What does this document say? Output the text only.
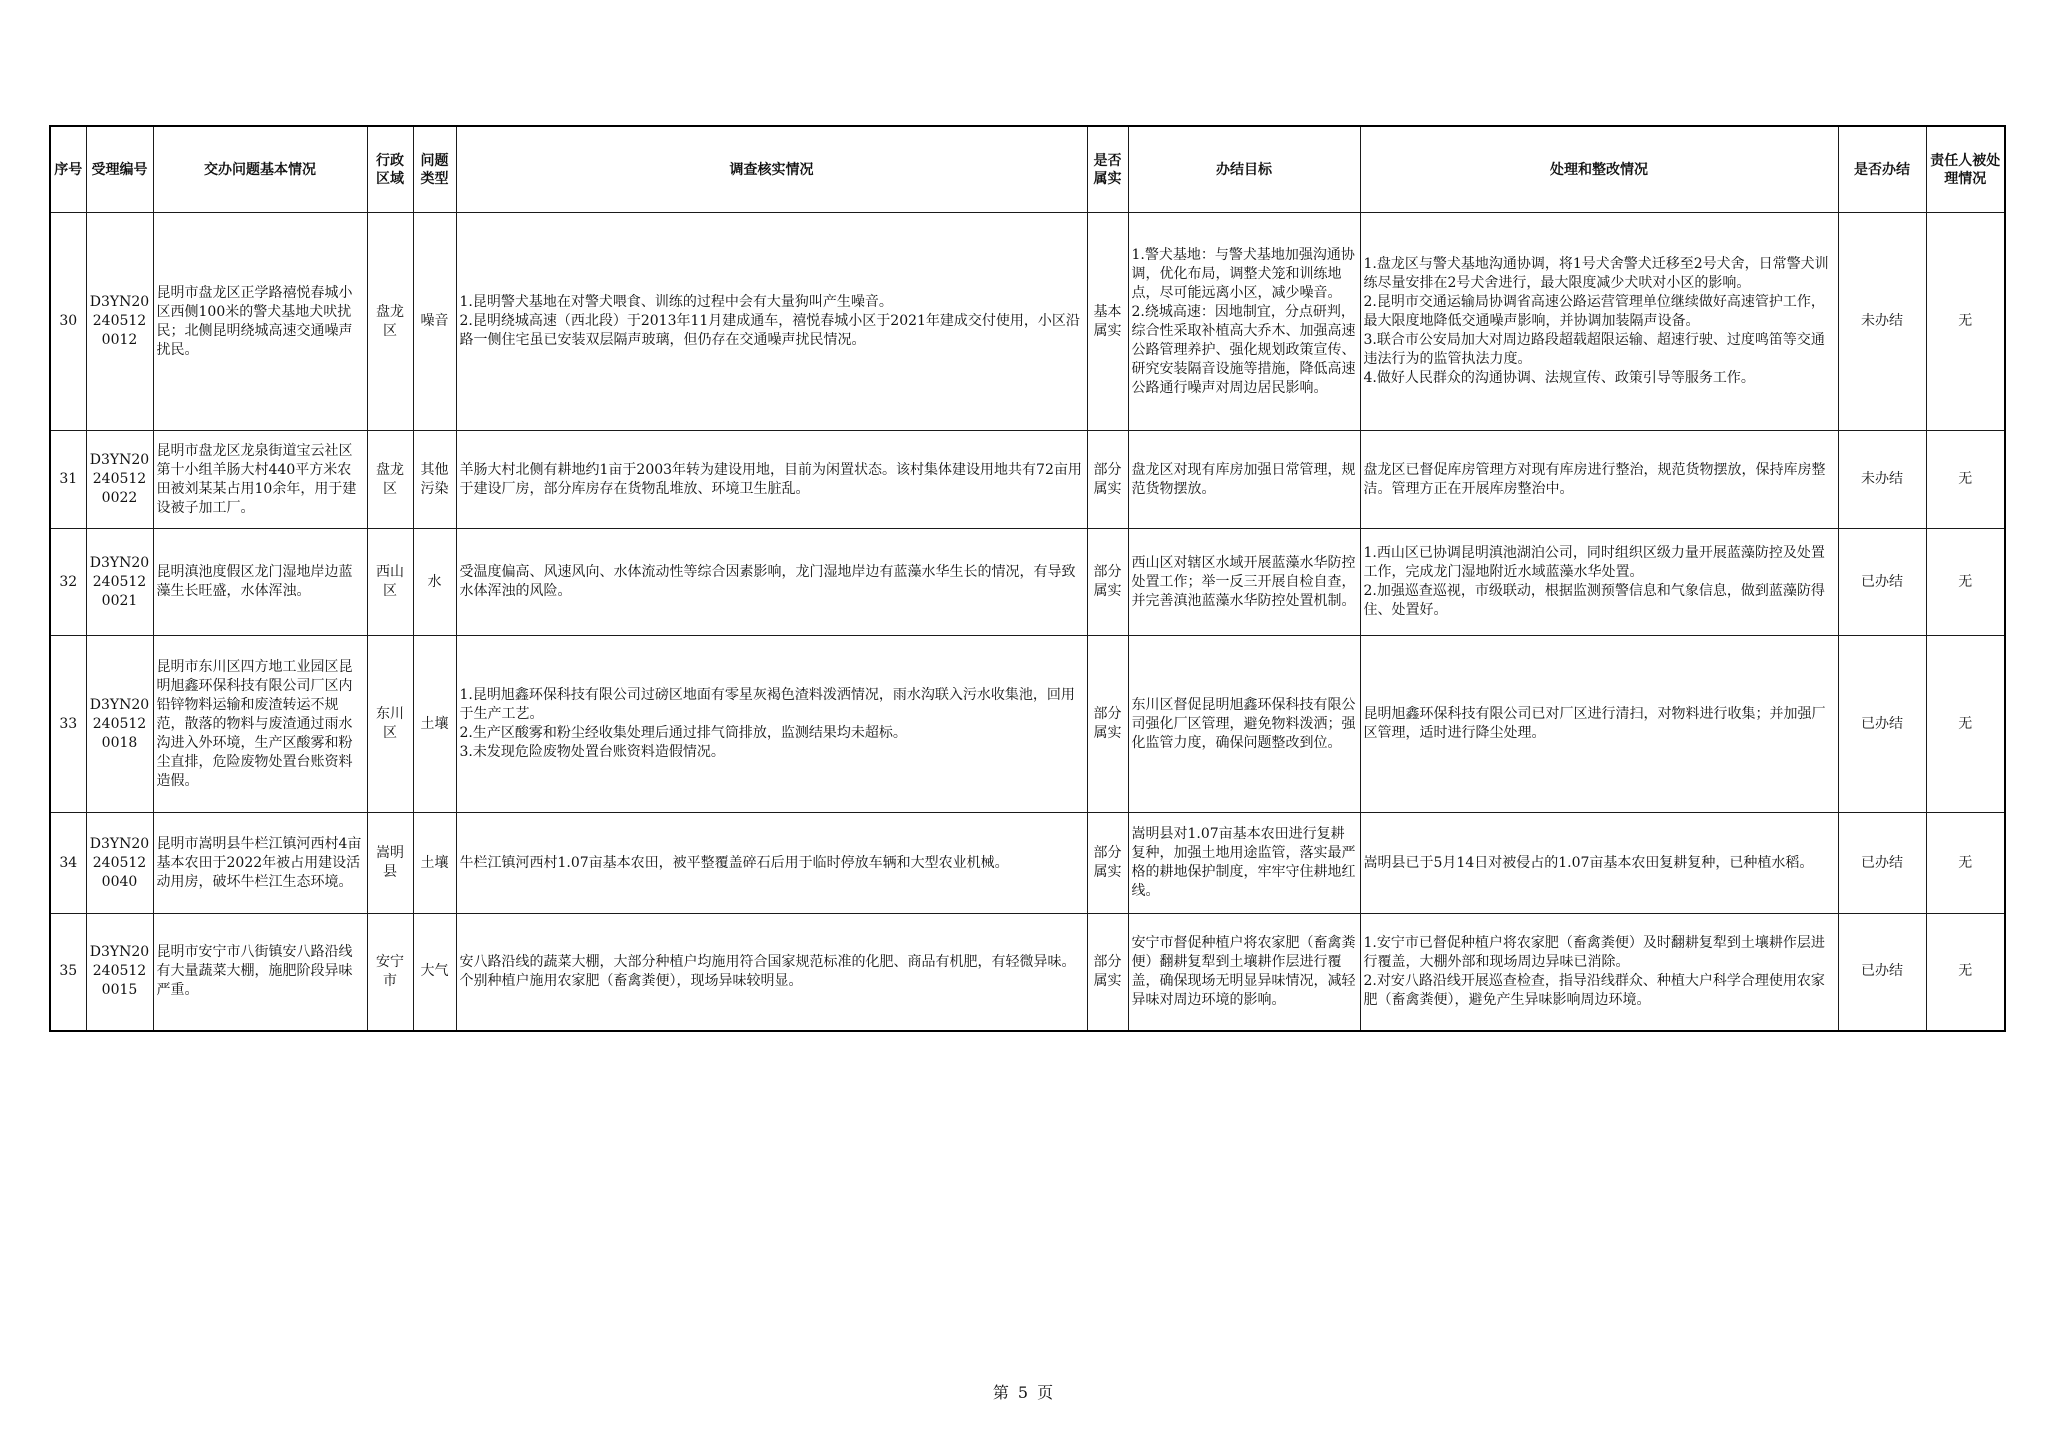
序号	受理编号	交办问题基本情况	行政区域	问题类型	调查核实情况	是否属实	办结目标	处理和整改情况	是否办结	责任人被处理情况
30	D3YN202405120012	昆明市盘龙区正学路禧悦春城小区西侧100米的警犬基地犬吠扰民；北侧昆明绕城高速交通噪声扰民。	盘龙区	噪音	1.昆明警犬基地在对警犬喂食、训练的过程中会有大量狗叫产生噪音。
2.昆明绕城高速（西北段）于2013年11月建成通车，禧悦春城小区于2021年建成交付使用，小区沿路一侧住宅虽已安装双层隔声玻璃，但仍存在交通噪声扰民情况。	基本属实	1.警犬基地：与警犬基地加强沟通协调，优化布局，调整犬笼和训练地点，尽可能远离小区，减少噪音。
2.绕城高速：因地制宜，分点研判，综合性采取补植高大乔木、加强高速公路管理养护、强化规划政策宣传、研究安装隔音设施等措施，降低高速公路通行噪声对周边居民影响。	1.盘龙区与警犬基地沟通协调，将1号犬舍警犬迁移至2号犬舍，日常警犬训练尽量安排在2号犬舍进行，最大限度减少犬吠对小区的影响。
2.昆明市交通运输局协调省高速公路运营管理单位继续做好高速管护工作，最大限度地降低交通噪声影响，并协调加装隔声设备。
3.联合市公安局加大对周边路段超载超限运输、超速行驶、过度鸣笛等交通违法行为的监管执法力度。
4.做好人民群众的沟通协调、法规宣传、政策引导等服务工作。	未办结	无
31	D3YN202405120022	昆明市盘龙区龙泉街道宝云社区第十小组羊肠大村440平方米农田被刘某某占用10余年，用于建设被子加工厂。	盘龙区	其他污染	羊肠大村北侧有耕地约1亩于2003年转为建设用地，目前为闲置状态。该村集体建设用地共有72亩用于建设厂房，部分库房存在货物乱堆放、环境卫生脏乱。	部分属实	盘龙区对现有库房加强日常管理，规范货物摆放。	盘龙区已督促库房管理方对现有库房进行整治，规范货物摆放，保持库房整洁。管理方正在开展库房整治中。	未办结	无
32	D3YN202405120021	昆明滇池度假区龙门湿地岸边蓝藻生长旺盛，水体浑浊。	西山区	水	受温度偏高、风速风向、水体流动性等综合因素影响，龙门湿地岸边有蓝藻水华生长的情况，有导致水体浑浊的风险。	部分属实	西山区对辖区水域开展蓝藻水华防控处置工作；举一反三开展自检自查，并完善滇池蓝藻水华防控处置机制。	1.西山区已协调昆明滇池湖泊公司，同时组织区级力量开展蓝藻防控及处置工作，完成龙门湿地附近水域蓝藻水华处置。
2.加强巡查巡视，市级联动，根据监测预警信息和气象信息，做到蓝藻防得住、处置好。	已办结	无
33	D3YN202405120018	昆明市东川区四方地工业园区昆明旭鑫环保科技有限公司厂区内铅锌物料运输和废渣转运不规范，散落的物料与废渣通过雨水沟进入外环境，生产区酸雾和粉尘直排，危险废物处置台账资料造假。	东川区	土壤	1.昆明旭鑫环保科技有限公司过磅区地面有零星灰褐色渣料泼洒情况，雨水沟联入污水收集池，回用于生产工艺。
2.生产区酸雾和粉尘经收集处理后通过排气筒排放，监测结果均未超标。
3.未发现危险废物处置台账资料造假情况。	部分属实	东川区督促昆明旭鑫环保科技有限公司强化厂区管理，避免物料泼洒；强化监管力度，确保问题整改到位。	昆明旭鑫环保科技有限公司已对厂区进行清扫，对物料进行收集；并加强厂区管理，适时进行降尘处理。	已办结	无
34	D3YN202405120040	昆明市嵩明县牛栏江镇河西村4亩基本农田于2022年被占用建设活动用房，破坏牛栏江生态环境。	嵩明县	土壤	牛栏江镇河西村1.07亩基本农田，被平整覆盖碎石后用于临时停放车辆和大型农业机械。	部分属实	嵩明县对1.07亩基本农田进行复耕复种，加强土地用途监管，落实最严格的耕地保护制度，牢牢守住耕地红线。	嵩明县已于5月14日对被侵占的1.07亩基本农田复耕复种，已种植水稻。	已办结	无
35	D3YN202405120015	昆明市安宁市八街镇安八路沿线有大量蔬菜大棚，施肥阶段异味严重。	安宁市	大气	安八路沿线的蔬菜大棚，大部分种植户均施用符合国家规范标准的化肥、商品有机肥，有轻微异味。个别种植户施用农家肥（畜禽粪便），现场异味较明显。	部分属实	安宁市督促种植户将农家肥（畜禽粪便）翻耕复犁到土壤耕作层进行覆盖，确保现场无明显异味情况，减轻异味对周边环境的影响。	1.安宁市已督促种植户将农家肥（畜禽粪便）及时翻耕复犁到土壤耕作层进行覆盖，大棚外部和现场周边异味已消除。
2.对安八路沿线开展巡查检查，指导沿线群众、种植大户科学合理使用农家肥（畜禽粪便），避免产生异味影响周边环境。	已办结	无
第 5 页
